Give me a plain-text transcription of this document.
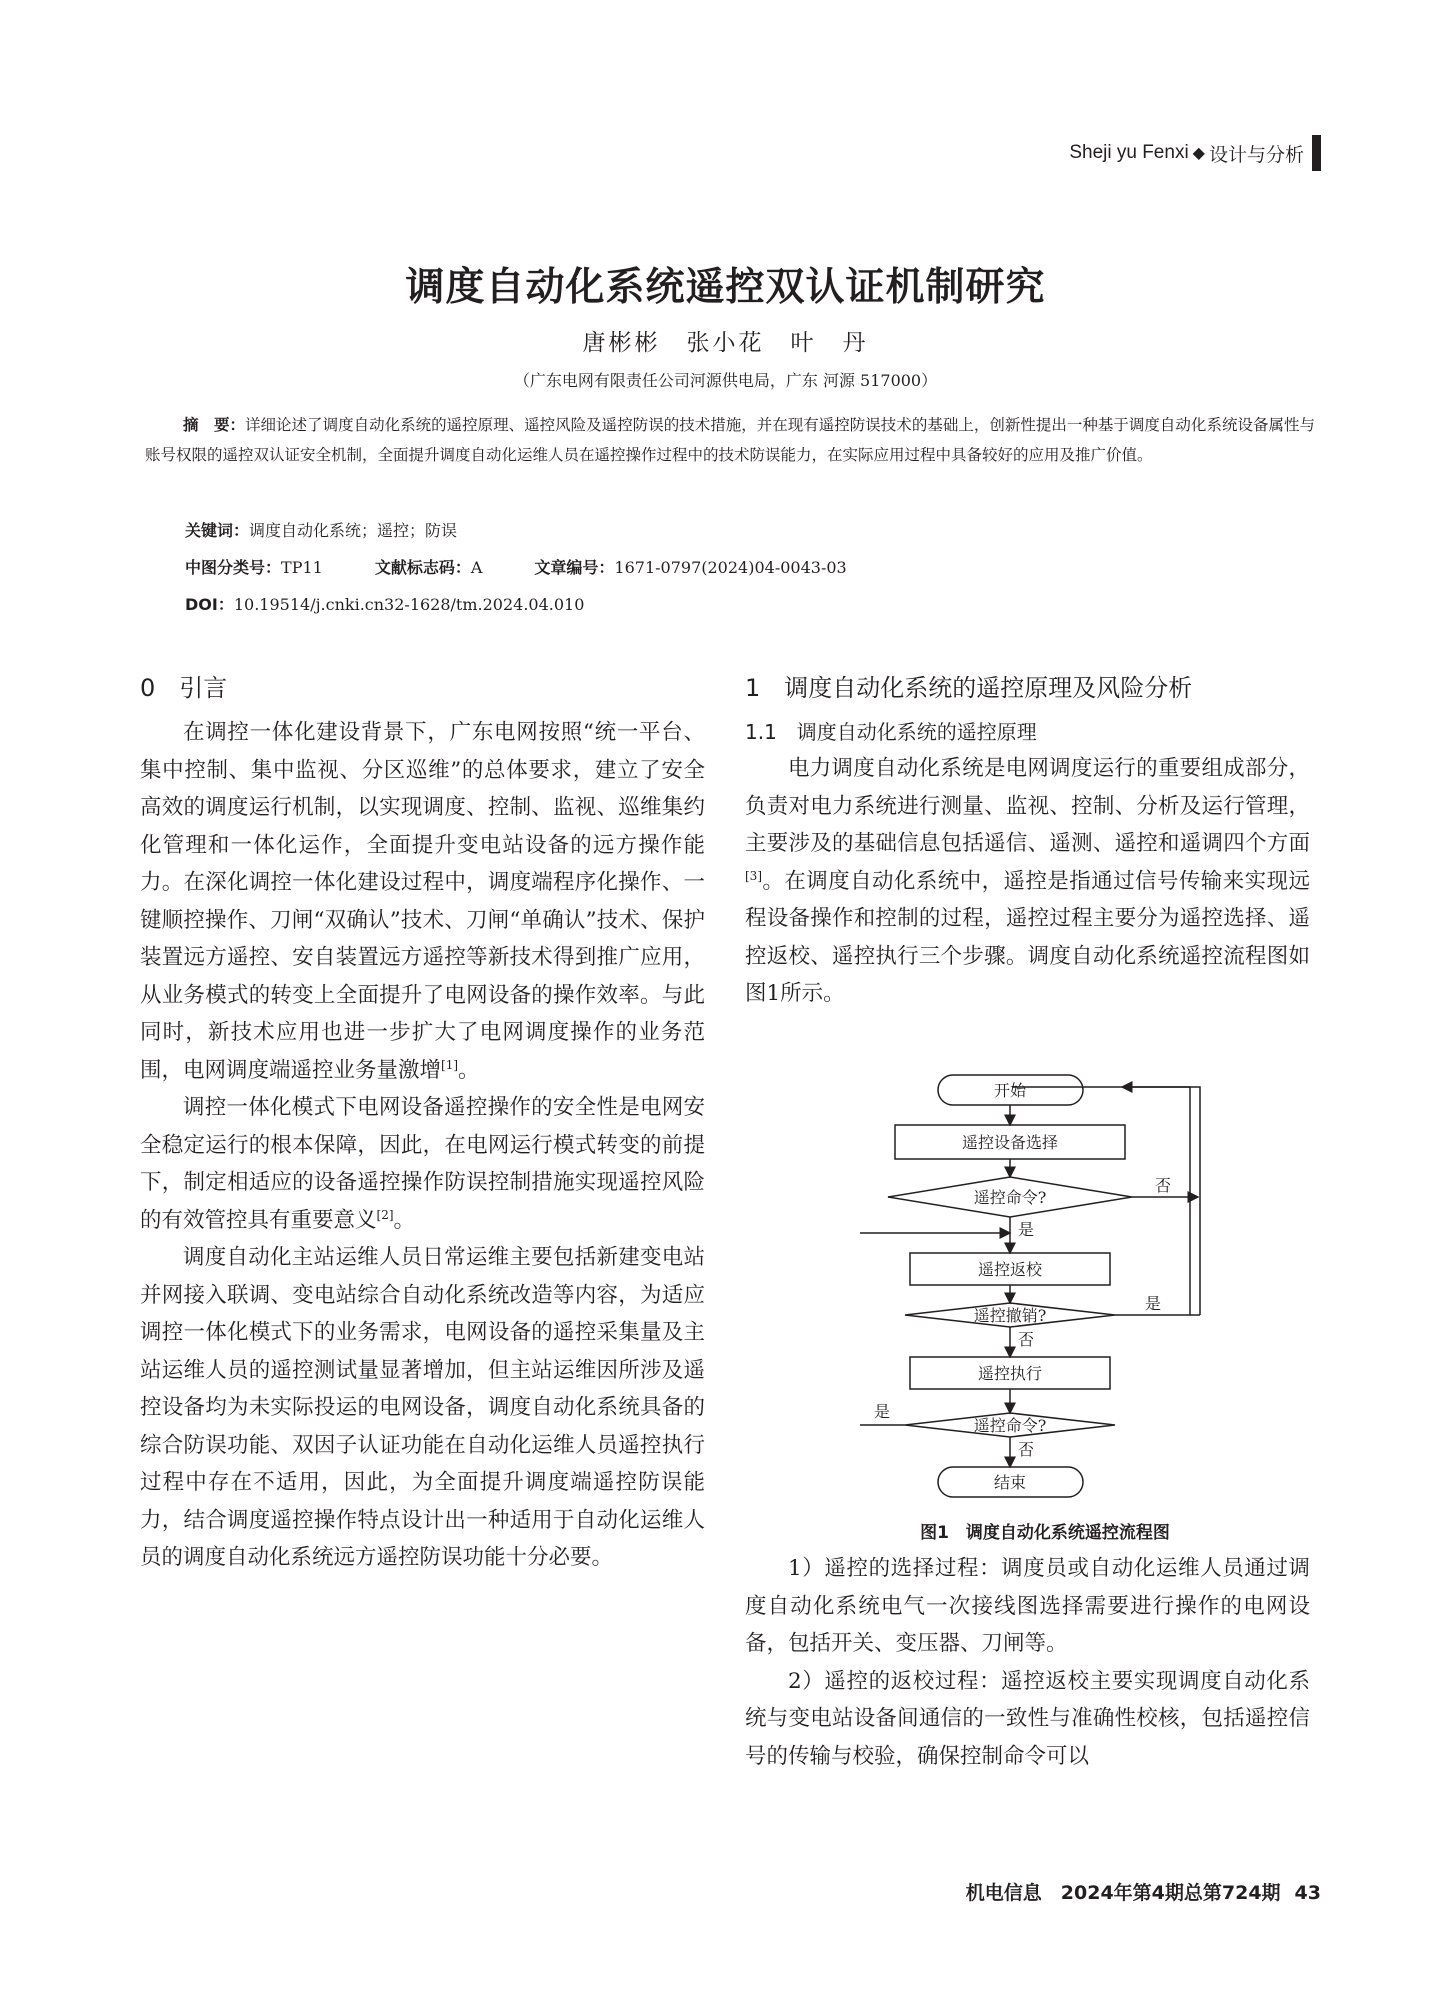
Sheji yu Fenxi ◆ 设计与分析
调度自动化系统遥控双认证机制研究
唐彬彬　张小花　叶　丹
（广东电网有限责任公司河源供电局，广东 河源 517000）
摘　要：详细论述了调度自动化系统的遥控原理、遥控风险及遥控防误的技术措施，并在现有遥控防误技术的基础上，创新性提出一种基于调度自动化系统设备属性与账号权限的遥控双认证安全机制，全面提升调度自动化运维人员在遥控操作过程中的技术防误能力，在实际应用过程中具备较好的应用及推广价值。
关键词：调度自动化系统；遥控；防误
中图分类号：TP11	文献标志码：A	文章编号：1671-0797(2024)04-0043-03
DOI：10.19514/j.cnki.cn32-1628/tm.2024.04.010
0　引言

在调控一体化建设背景下，广东电网按照“统一平台、集中控制、集中监视、分区巡维”的总体要求，建立了安全高效的调度运行机制，以实现调度、控制、监视、巡维集约化管理和一体化运作，全面提升变电站设备的远方操作能力。在深化调控一体化建设过程中，调度端程序化操作、一键顺控操作、刀闸“双确认”技术、刀闸“单确认”技术、保护装置远方遥控、安自装置远方遥控等新技术得到推广应用，从业务模式的转变上全面提升了电网设备的操作效率。与此同时，新技术应用也进一步扩大了电网调度操作的业务范围，电网调度端遥控业务量激增[1]。

调控一体化模式下电网设备遥控操作的安全性是电网安全稳定运行的根本保障，因此，在电网运行模式转变的前提下，制定相适应的设备遥控操作防误控制措施实现遥控风险的有效管控具有重要意义[2]。

调度自动化主站运维人员日常运维主要包括新建变电站并网接入联调、变电站综合自动化系统改造等内容，为适应调控一体化模式下的业务需求，电网设备的遥控采集量及主站运维人员的遥控测试量显著增加，但主站运维因所涉及遥控设备均为未实际投运的电网设备，调度自动化系统具备的综合防误功能、双因子认证功能在自动化运维人员遥控执行过程中存在不适用，因此，为全面提升调度端遥控防误能力，结合调度遥控操作特点设计出一种适用于自动化运维人员的调度自动化系统远方遥控防误功能十分必要。

1　调度自动化系统的遥控原理及风险分析
1.1　调度自动化系统的遥控原理

电力调度自动化系统是电网调度运行的重要组成部分，负责对电力系统进行测量、监视、控制、分析及运行管理，主要涉及的基础信息包括遥信、遥测、遥控和遥调四个方面[3]。在调度自动化系统中，遥控是指通过信号传输来实现远程设备操作和控制的过程，遥控过程主要分为遥控选择、遥控返校、遥控执行三个步骤。调度自动化系统遥控流程图如图1所示。

开始
遥控设备选择
遥控命令?
否
是
遥控返校
遥控撤销?
是
否
遥控执行
遥控命令?
是
否
结束
图1　调度自动化系统遥控流程图

1）遥控的选择过程：调度员或自动化运维人员通过调度自动化系统电气一次接线图选择需要进行操作的电网设备，包括开关、变压器、刀闸等。

2）遥控的返校过程：遥控返校主要实现调度自动化系统与变电站设备间通信的一致性与准确性校核，包括遥控信号的传输与校验，确保控制命令可以

机电信息　2024年第4期总第724期 43
